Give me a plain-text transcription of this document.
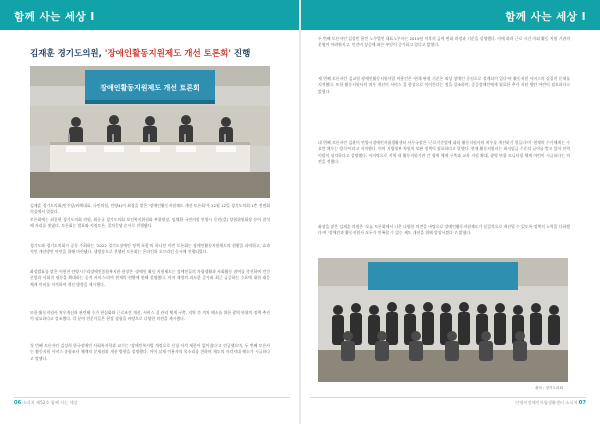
함께 사는 세상 Ⅰ	함께 사는 세상 Ⅰ
김재훈 경기도의원, '장애인활동지원제도 개선 토론회' 진행
장애인활동지원제도 개선 토론회

김재훈 경기도의회(민주당/비례대표, 국민의힘, 안양4)이 좌장을 맡은 '장애인활동지원제도 개선 토론회'가 12월 12일 경기도의회 1층 전면회의실에서 열렸다.

토론회에는 최종현 경기도의회 의원, 최중규 경기도의회 보건복지위원회 부위원장, 임채환 국민의힘 안양시 동안(갑) 당협위원회장 등이 참석해 자리를 빛냈다. 토론회는 발표와 지정토론, 질의응답 순서로 진행됐다.

경기도와 경기도의회가 공동 주최하는 '2022 경기도장애인 정책 포럼'의 하나인 이번 토론회는 장애인활동지원제도의 현황을 파악하고, 효과적인 개선방안 마련을 위해 마련됐다. 생방송으로 진행된 토론회는 온라인과 오프라인 동시에 진행되었다.

좌장발표를 맡은 이현진 안양시수리장애인종합복지관 관장은 '장애인 활동 지원제도는 장애인들의 자립생활과 사회활동 참여를 촉진하여 인간 존엄과 사회적 평등을 확대하는 공적 서비스'라며 현재의 현황에 관해 설명했다. 이어 재정의 과도한 증가와 최근 급증하는 수요에 대한 대응 체계 미비를 지적하며 개선 방향을 제시했다.

또한 활동지원사 처우개선과 관련해 수가 현실화와 근로조건 개선, 서비스 질 관리 체계 구축, 지역 간 격차 해소를 위한 광역 단위의 정책 추진이 필요하다고 강조했다. 각 분야 전문가들은 현장 경험을 바탕으로 다양한 의견을 제시했다.

첫 번째 토론자인 김성희 한국장애인 사회복지학과 교수는 '장애인복지법 개정으로 신청 자격 제한이 없어졌다'고 언급했으며, 두 번째 토론자는 활동지원 서비스 종합조사 체계의 문제점과 개선 방향을 설명했다. 이어 실제 이용자의 목소리를 전하며 제도의 사각지대 해소가 시급하다고 말했다.

두 번째 토론자인 김성민 용인 노무법인 대표노무사는 2019년 이후의 급여 변화 과정과 기준을 설명했다. 이에 따라 근로 시간 이외 활동 지원 기관의 운영이 어려워지고, 인건비 상승에 따른 부담이 증가하고 있다고 밝혔다.

세 번째 토론자인 김교원 장애인활동지원사업 이용인은 '현재 판정 기준은 와상 장애인 중심으로 설계되어 있다'며 활동지원 서비스의 실질적 문제를 지적했다. 또한 활동지원사의 처우 개선이 서비스 질 향상으로 이어진다는 점을 강조하며, 중증장애인에게 필요한 추가 지원 방안 마련이 필요하다고 밝혔다.

네 번째 토론자인 김윤미 안양시장애인자립생활센터 사무국장은 '근로기준법에 따라 활동지원사의 처우를 개선하기 힘들다'며 '현재의 수가체계는 수요만 채우는 방식'이라고 지적했다. 이어 지방정부 차원의 보완 정책이 필요하다고 말했다. 현재 활동지원사는 최저임금 수준의 급여를 받고 있어 인력 이탈이 심각하다고 설명했다. 마지막으로 지역 내 활동지원기관 간 협력 체계 구축과 교육 지원 확대, 광역 단위 모니터링 체계 마련이 시급하다는 의견을 전했다.

좌장을 맡은 김재훈 의원은 '오늘 토론회에서 나온 다양한 의견을 바탕으로 장애인활동지원제도가 실질적으로 개선될 수 있도록 정책적 노력을 다하겠다'며 '장애인과 활동지원사 모두가 만족할 수 있는 제도 개선을 위해 앞장서겠다'고 밝혔다.

출처 : 경기도의회
06 소식지 제52호 함께 사는 세상	안양시장애인자립생활센터 소식지 07
